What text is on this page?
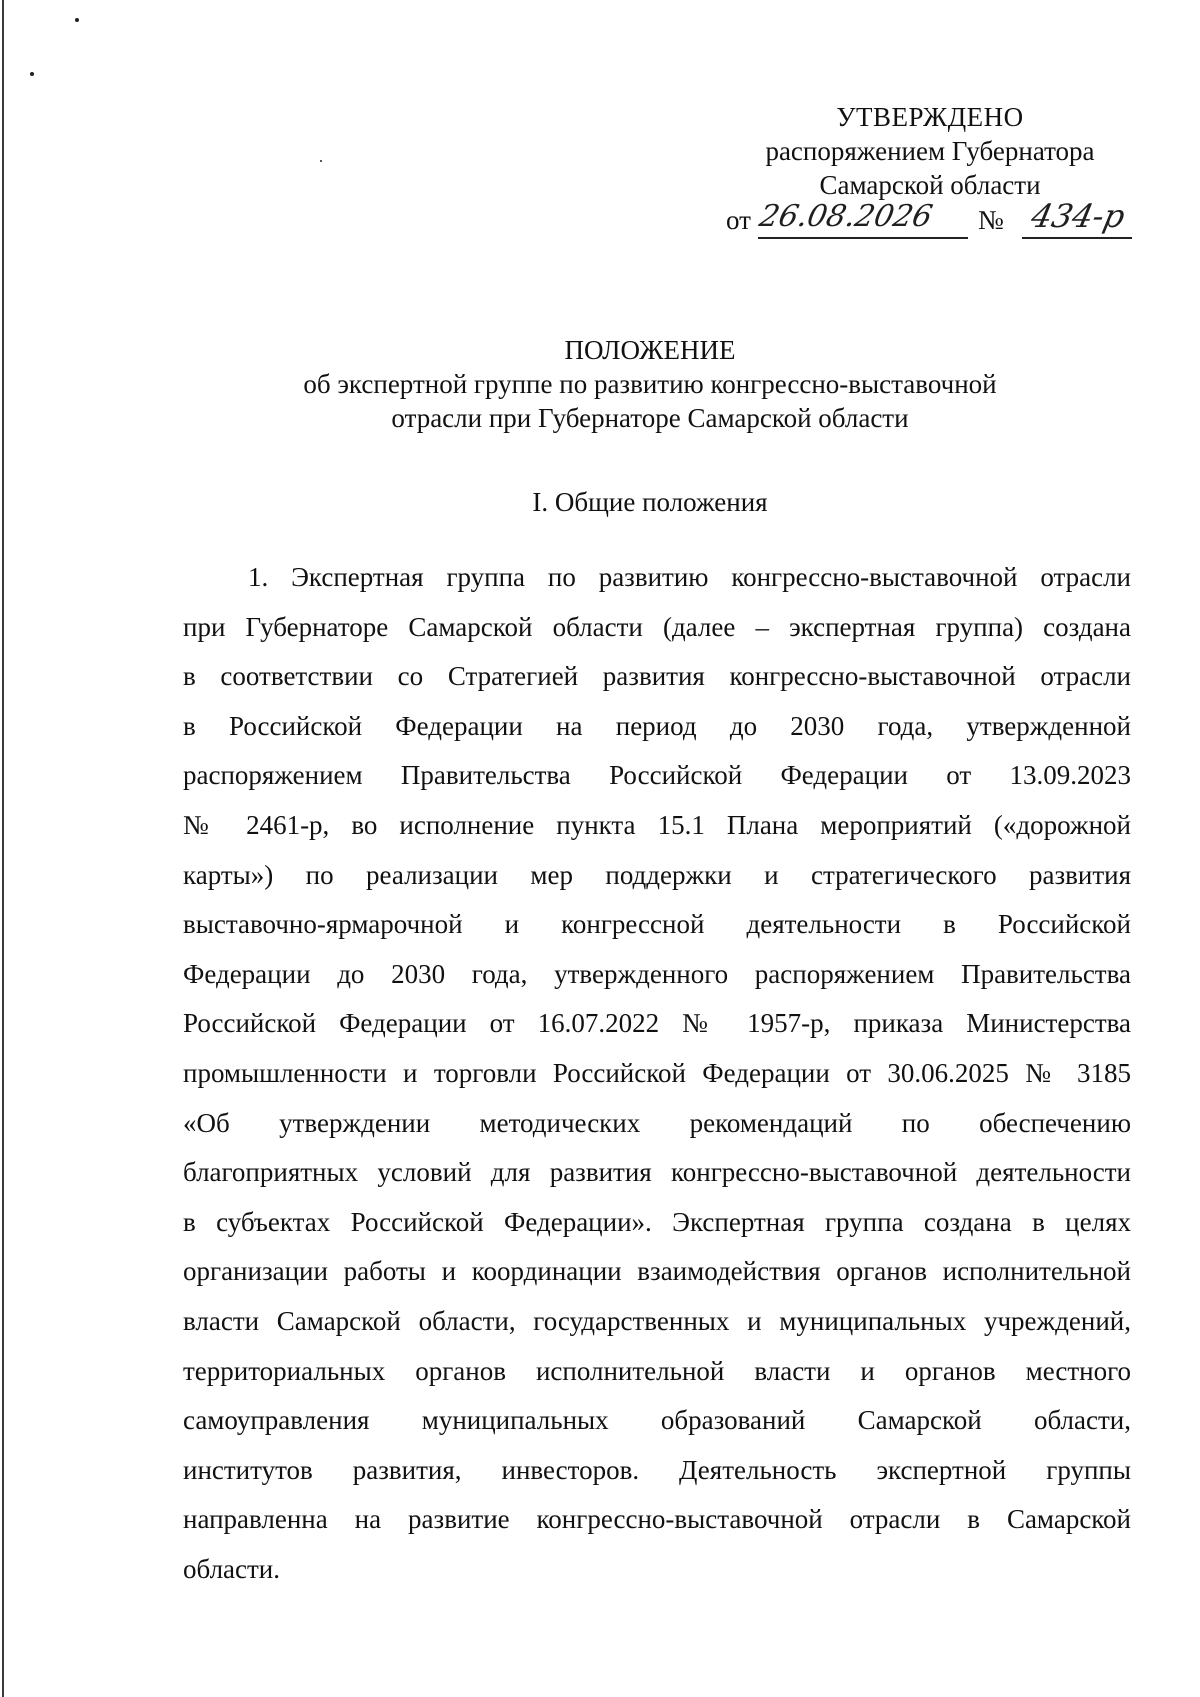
УТВЕРЖДЕНО
распоряжением Губернатора
Самарской области
от 26.08.2026 № 434-р
ПОЛОЖЕНИЕ
об экспертной группе по развитию конгрессно-выставочной
отрасли при Губернаторе Самарской области
I. Общие положения
1. Экспертная группа по развитию конгрессно-выставочной отрасли
при Губернаторе Самарской области (далее – экспертная группа) создана
в соответствии со Стратегией развития конгрессно-выставочной отрасли
в Российской Федерации на период до 2030 года, утвержденной
распоряжением Правительства Российской Федерации от 13.09.2023
№ 2461-р, во исполнение пункта 15.1 Плана мероприятий («дорожной
карты») по реализации мер поддержки и стратегического развития
выставочно-ярмарочной и конгрессной деятельности в Российской
Федерации до 2030 года, утвержденного распоряжением Правительства
Российской Федерации от 16.07.2022 № 1957-р, приказа Министерства
промышленности и торговли Российской Федерации от 30.06.2025 № 3185
«Об утверждении методических рекомендаций по обеспечению
благоприятных условий для развития конгрессно-выставочной деятельности
в субъектах Российской Федерации». Экспертная группа создана в целях
организации работы и координации взаимодействия органов исполнительной
власти Самарской области, государственных и муниципальных учреждений,
территориальных органов исполнительной власти и органов местного
самоуправления муниципальных образований Самарской области,
институтов развития, инвесторов. Деятельность экспертной группы
направленна на развитие конгрессно-выставочной отрасли в Самарской
области.
